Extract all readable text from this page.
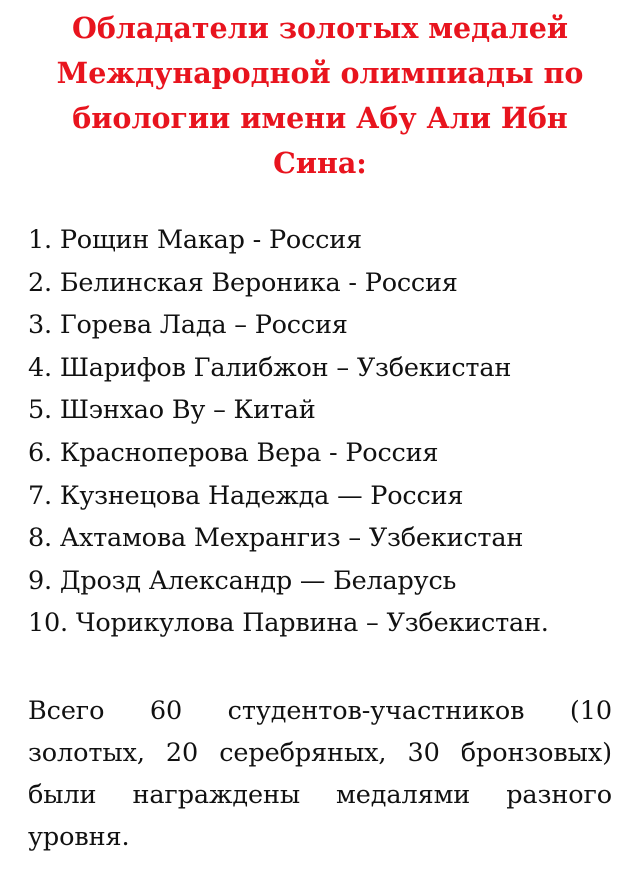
Обладатели золотых медалей Международной олимпиады по биологии имени Абу Али Ибн Сина:
1. Рощин Макар - Россия
2. Белинская Вероника - Россия
3. Горева Лада – Россия
4. Шарифов Галибжон – Узбекистан
5. Шэнхао Ву – Китай
6. Красноперова Вера - Россия
7. Кузнецова Надежда — Россия
8. Ахтамова Мехрангиз – Узбекистан
9. Дрозд Александр — Беларусь
10. Чорикулова Парвина – Узбекистан.

Всего 60 студентов-участников (10 золотых, 20 серебряных, 30 бронзовых) были награждены медалями разного уровня.
